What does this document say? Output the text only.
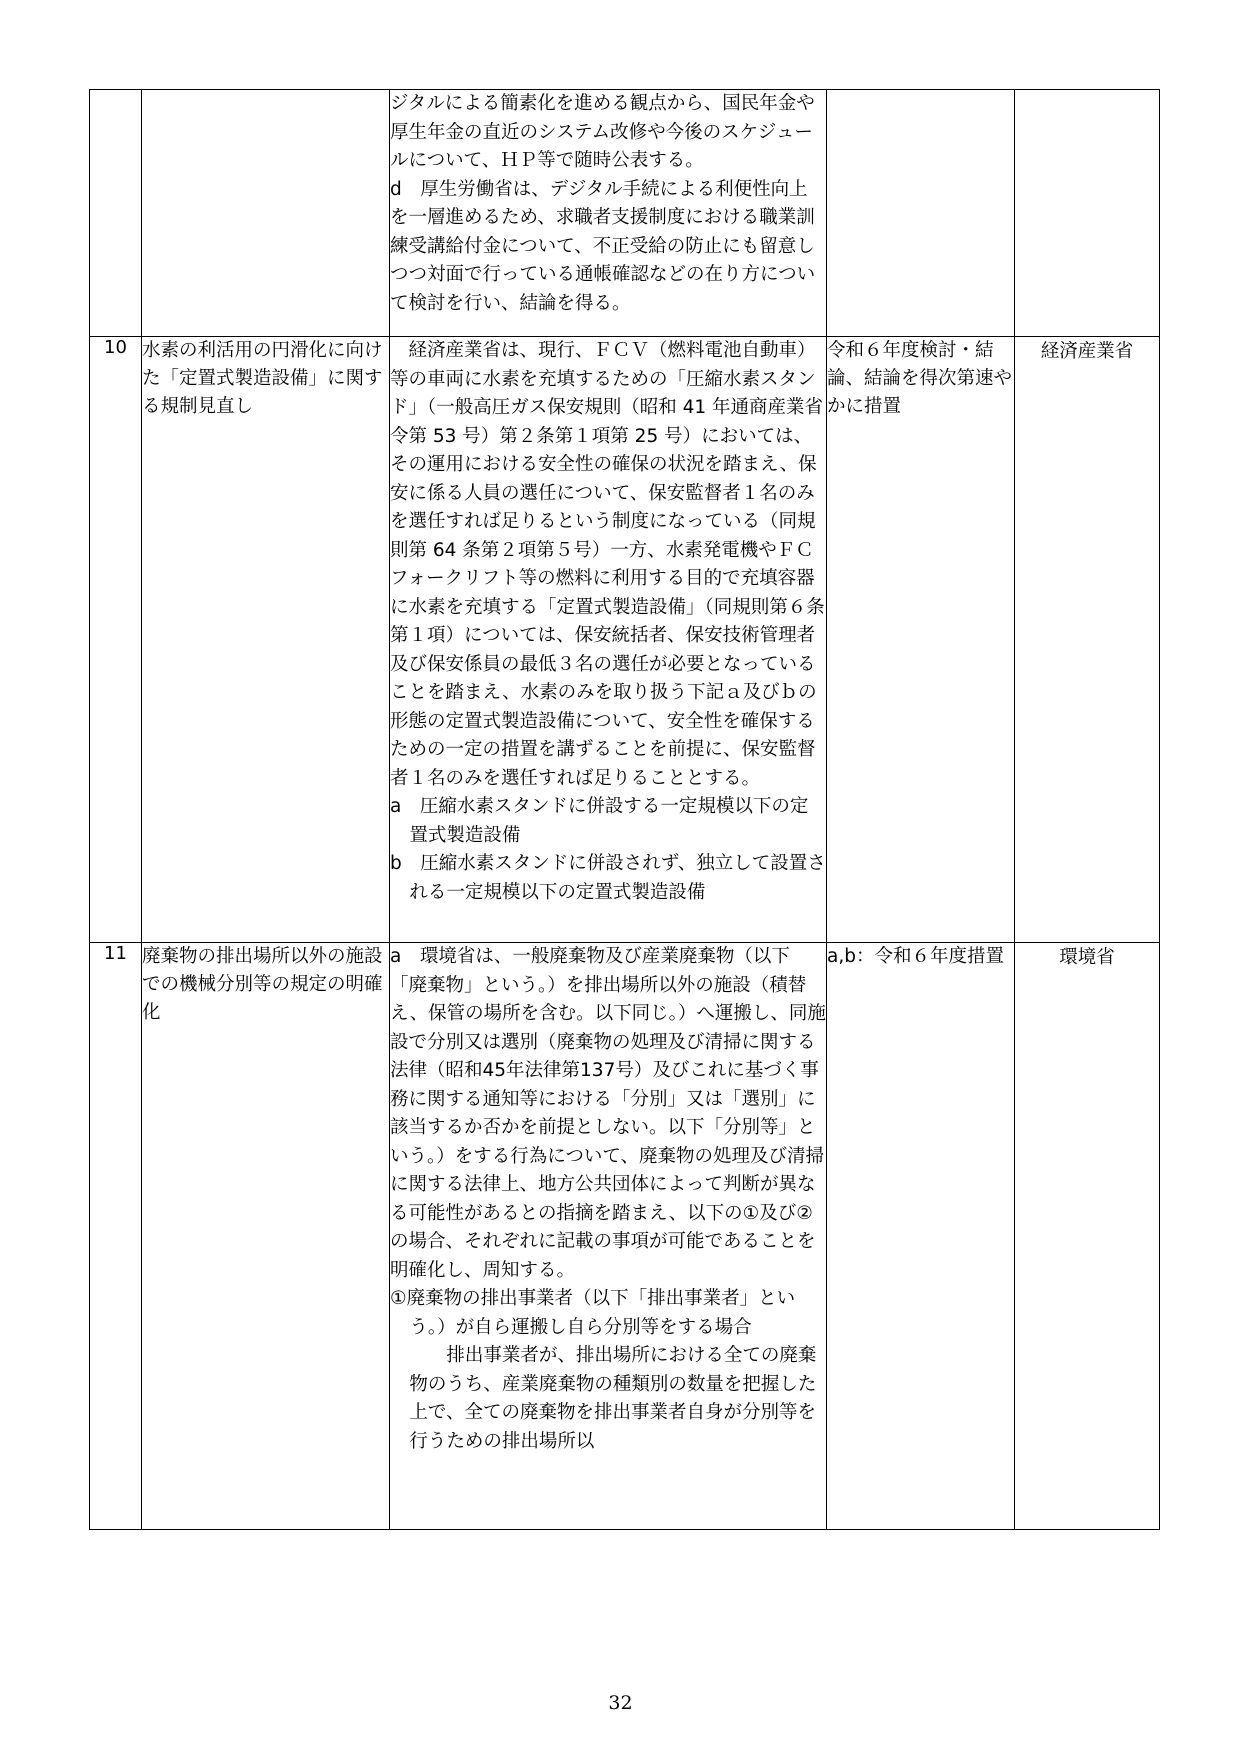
		ジタルによる簡素化を進める観点から、国民年金や厚生年金の直近のシステム改修や今後のスケジュールについて、ＨＰ等で随時公表する。
d　厚生労働省は、デジタル手続による利便性向上を一層進めるため、求職者支援制度における職業訓練受講給付金について、不正受給の防止にも留意しつつ対面で行っている通帳確認などの在り方について検討を行い、結論を得る。		

10	水素の利活用の円滑化に向けた「定置式製造設備」に関する規制見直し	　経済産業省は、現行、ＦＣＶ（燃料電池自動車）等の車両に水素を充填するための「圧縮水素スタンド」（一般高圧ガス保安規則（昭和 41 年通商産業省令第 53 号）第２条第１項第 25 号）においては、その運用における安全性の確保の状況を踏まえ、保安に係る人員の選任について、保安監督者１名のみを選任すれば足りるという制度になっている（同規則第 64 条第２項第５号）一方、水素発電機やＦＣフォークリフト等の燃料に利用する目的で充填容器に水素を充填する「定置式製造設備」（同規則第６条第１項）については、保安統括者、保安技術管理者及び保安係員の最低３名の選任が必要となっていることを踏まえ、水素のみを取り扱う下記ａ及びｂの形態の定置式製造設備について、安全性を確保するための一定の措置を講ずることを前提に、保安監督者１名のみを選任すれば足りることとする。
a　圧縮水素スタンドに併設する一定規模以下の定置式製造設備
b　圧縮水素スタンドに併設されず、独立して設置される一定規模以下の定置式製造設備	令和６年度検討・結論、結論を得次第速やかに措置	経済産業省
11	廃棄物の排出場所以外の施設での機械分別等の規定の明確化	a　環境省は、一般廃棄物及び産業廃棄物（以下「廃棄物」という。）を排出場所以外の施設（積替え、保管の場所を含む。以下同じ。）へ運搬し、同施設で分別又は選別（廃棄物の処理及び清掃に関する法律（昭和45年法律第137号）及びこれに基づく事務に関する通知等における「分別」又は「選別」に該当するか否かを前提としない。以下「分別等」という。）をする行為について、廃棄物の処理及び清掃に関する法律上、地方公共団体によって判断が異なる可能性があるとの指摘を踏まえ、以下の①及び②の場合、それぞれに記載の事項が可能であることを明確化し、周知する。
①廃棄物の排出事業者（以下「排出事業者」という。）が自ら運搬し自ら分別等をする場合
　排出事業者が、排出場所における全ての廃棄物のうち、産業廃棄物の種類別の数量を把握した上で、全ての廃棄物を排出事業者自身が分別等を行うための排出場所以	a,b：令和６年度措置	環境省
32
